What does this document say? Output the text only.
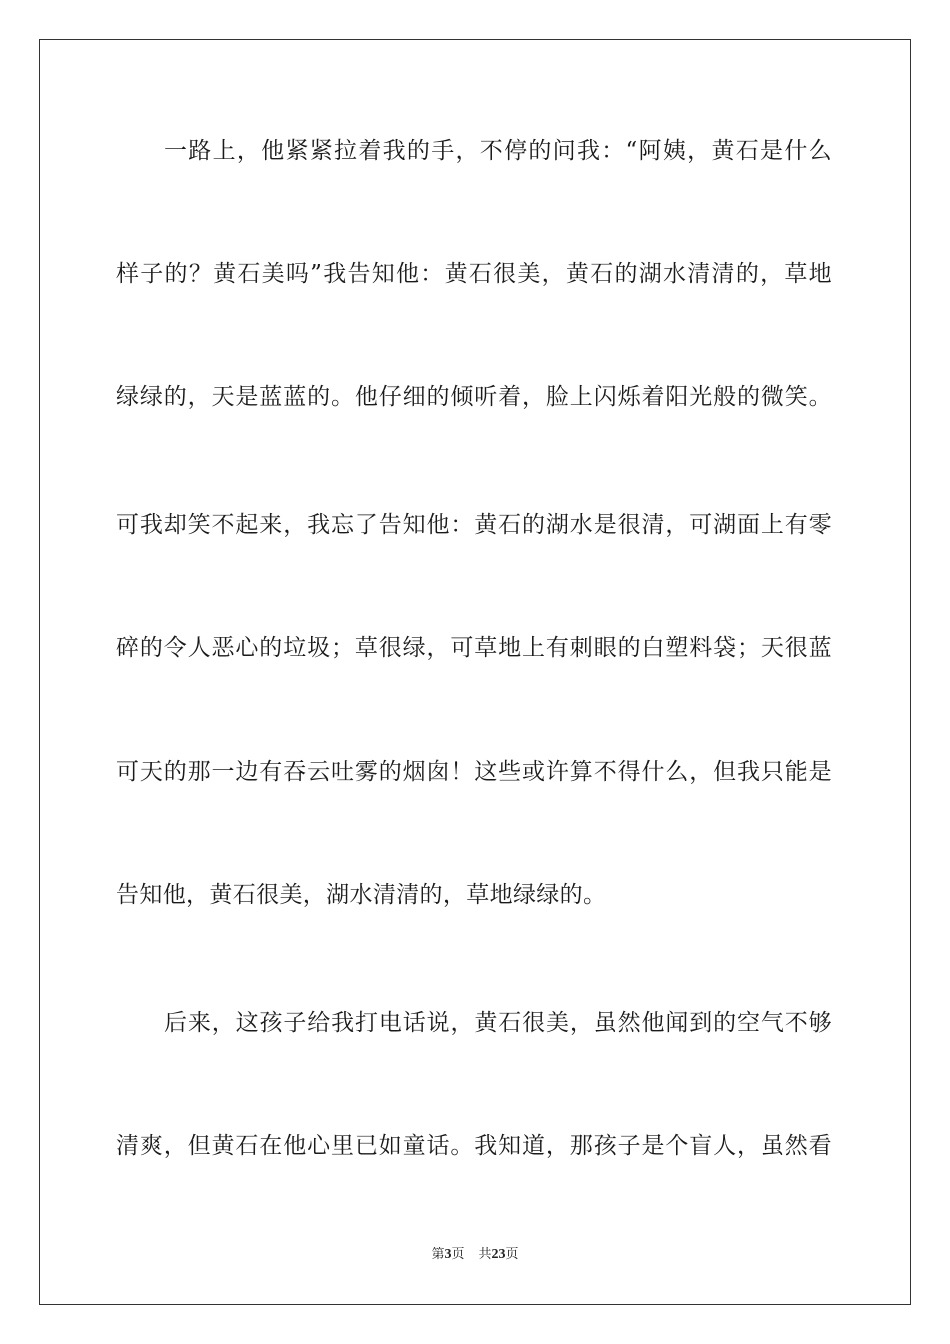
一路上，他紧紧拉着我的手，不停的问我：“阿姨，黄石是什么
样子的？黄石美吗”我告知他：黄石很美，黄石的湖水清清的，草地
绿绿的，天是蓝蓝的。他仔细的倾听着，脸上闪烁着阳光般的微笑。
可我却笑不起来，我忘了告知他：黄石的湖水是很清，可湖面上有零
碎的令人恶心的垃圾；草很绿，可草地上有刺眼的白塑料袋；天很蓝
可天的那一边有吞云吐雾的烟囱！这些或许算不得什么，但我只能是
告知他，黄石很美，湖水清清的，草地绿绿的。
后来，这孩子给我打电话说，黄石很美，虽然他闻到的空气不够
清爽，但黄石在他心里已如童话。我知道，那孩子是个盲人，虽然看
第3页 共23页
